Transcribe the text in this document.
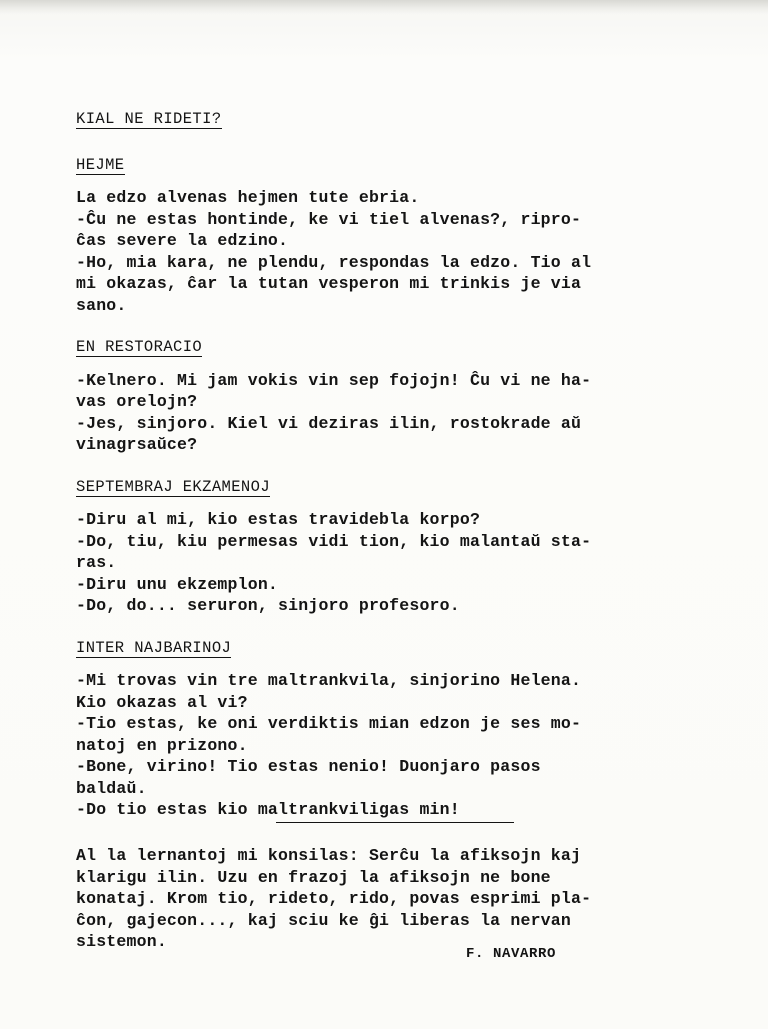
KIAL NE RIDETI?
HEJME
La edzo alvenas hejmen tute ebria.
-Ĉu ne estas hontinde, ke vi tiel alvenas?, ripro-
ĉas severe la edzino.
-Ho, mia kara, ne plendu, respondas la edzo. Tio al
mi okazas, ĉar la tutan vesperon mi trinkis je via
sano.
EN RESTORACIO
-Kelnero. Mi jam vokis vin sep fojojn! Ĉu vi ne ha-
vas orelojn?
-Jes, sinjoro. Kiel vi deziras ilin, rostokrade aŭ
vinagrsaŭce?
SEPTEMBRAJ EKZAMENOJ
-Diru al mi, kio estas travidebla korpo?
-Do, tiu, kiu permesas vidi tion, kio malantaŭ sta-
ras.
-Diru unu ekzemplon.
-Do, do... seruron, sinjoro profesoro.
INTER NAJBARINOJ
-Mi trovas vin tre maltrankvila, sinjorino Helena.
Kio okazas al vi?
-Tio estas, ke oni verdiktis mian edzon je ses mo-
natoj en prizono.
-Bone, virino! Tio estas nenio! Duonjaro pasos
baldaŭ.
-Do tio estas kio maltrankviligas min!
Al la lernantoj mi konsilas: Serĉu la afiksojn kaj
klarigu ilin. Uzu en frazoj la afiksojn ne bone
konataj. Krom tio, rideto, rido, povas esprimi pla-
ĉon, gajecon..., kaj sciu ke ĝi liberas la nervan
sistemon.
F. NAVARRO
